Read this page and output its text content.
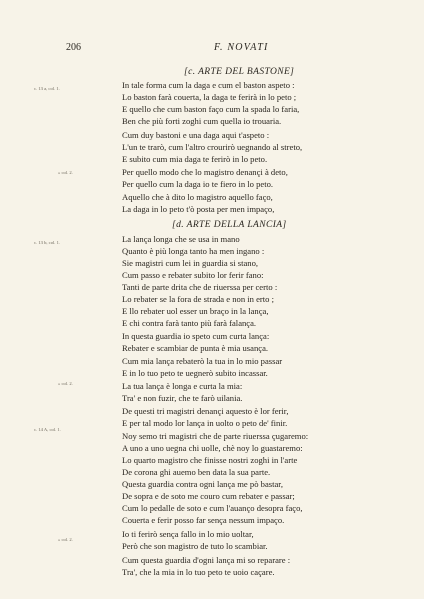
206	F. NOVATI
[c. ARTE DEL BASTONE]
c. 13 a, col. 1.
» col. 2.
In tale forma cum la daga e cum el baston aspeto :
Lo baston farà couerta, la daga te ferirà in lo peto ;
E quello che cum baston faço cum la spada lo faria,
Ben che più forti zoghi cum quella io trouaria.
Cum duy bastoni e una daga aqui t'aspeto :
L'un te trarò, cum l'altro crourirò uegnando al streto,
E subito cum mia daga te ferirò in lo peto.
Per quello modo che lo magistro denançi à deto,
Per quello cum la daga io te fiero in lo peto.
Aquello che à dito lo magistro aquello faço,
La daga in lo peto t'ò posta per men impaço,
[d. ARTE DELLA LANCIA]
c. 13 b, col. 1.
» col. 2.
c. 14 A, col. 1.
» col. 2.
La lança longa che se usa in mano
Quanto è più longa tanto ha men ingano :
Sie magistri cum lei in guardia si stano,
Cum passo e rebater subito lor ferir fano:
Tanti de parte drita che de riuerssa per certo :
Lo rebater se la fora de strada e non in erto ;
E llo rebater uol esser un braço in la lança,
E chi contra farà tanto più farà falança.
In questa guardia io speto cum curta lança:
Rebater e scambiar de punta è mia usança.
Cum mia lança rebaterò la tua in lo mio passar
E in lo tuo peto te uegnerò subito incassar.
La tua lança è longa e curta la mia:
Tra' e non fuzir, che te farò uilania.
De questi tri magistri denançi aquesto è lor ferir,
E per tal modo lor lança in uolto o peto de' finir.
Noy semo tri magistri che de parte riuerssa çugaremo:
A uno a uno uegna chi uolle, chè noy lo guastaremo:
Lo quarto magistro che finisse nostri zoghi in l'arte
De corona ghi auemo ben data la sua parte.
Questa guardia contra ogni lança me pò bastar,
De sopra e de soto me couro cum rebater e passar;
Cum lo pedalle de soto e cum l'auanço desopra faço,
Couerta e ferir posso far sença nessum impaço.
Io ti ferirò sença fallo in lo mio uoltar,
Però che son magistro de tuto lo scambiar.
Cum questa guardia d'ogni lança mi so reparare :
Tra', che la mia in lo tuo peto te uoio caçare.
